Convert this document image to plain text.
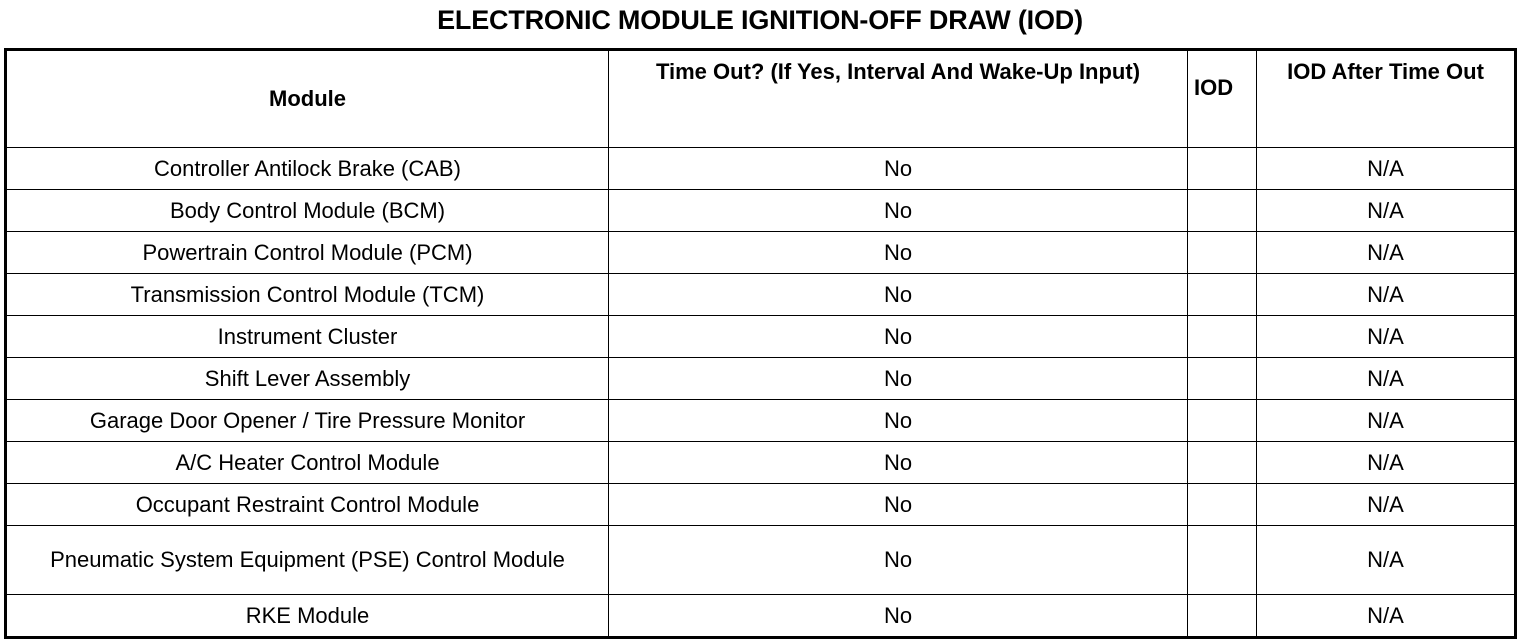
ELECTRONIC MODULE IGNITION-OFF DRAW (IOD)
Module	Time Out? (If Yes, Interval And Wake-Up Input)	IOD	IOD After Time Out
Controller Antilock Brake (CAB)	No		N/A
Body Control Module (BCM)	No		N/A
Powertrain Control Module (PCM)	No		N/A
Transmission Control Module (TCM)	No		N/A
Instrument Cluster	No		N/A
Shift Lever Assembly	No		N/A
Garage Door Opener / Tire Pressure Monitor	No		N/A
A/C Heater Control Module	No		N/A
Occupant Restraint Control Module	No		N/A
Pneumatic System Equipment (PSE) Control Module	No		N/A
RKE Module	No		N/A
